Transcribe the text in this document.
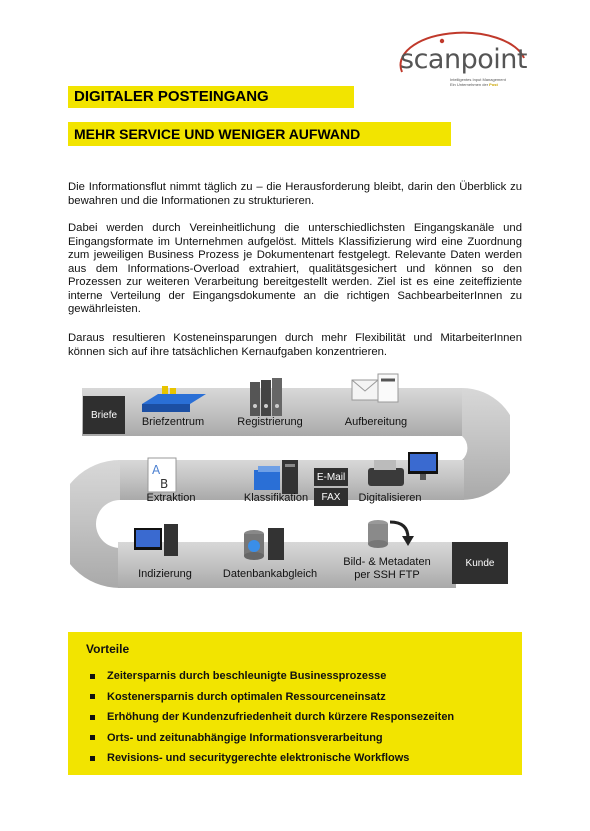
scanpoint
Intelligentes Input Management
Ein Unternehmen der Post
DIGITALER POSTEINGANG
MEHR SERVICE UND WENIGER AUFWAND

Die Informationsflut nimmt täglich zu – die Herausforderung bleibt, darin den Überblick zu bewahren und die Informationen zu strukturieren.

Dabei werden durch Vereinheitlichung die unterschiedlichsten Eingangskanäle und Eingangsformate im Unternehmen aufgelöst. Mittels Klassifizierung wird eine Zuordnung zum jeweiligen Business Prozess je Dokumentenart festgelegt. Relevante Daten werden aus dem Informations-Overload extrahiert, qualitätsgesichert und können so den Prozessen zur weiteren Verarbeitung bereitgestellt werden. Ziel ist es eine zeiteffiziente interne Verteilung der Eingangsdokumente an die richtigen SachbearbeiterInnen zu gewährleisten.

Daraus resultieren Kosteneinsparungen durch mehr Flexibilität und MitarbeiterInnen können sich auf ihre tatsächlichen Kernaufgaben konzentrieren.

Briefe
Kunde
E-Mail
FAX
A
B
Briefzentrum	Registrierung	Aufbereitung
Extraktion	Klassifikation	Digitalisieren
Indizierung	Datenbankabgleich
Bild- & Metadaten
per SSH FTP
Vorteile
Zeitersparnis durch beschleunigte Businessprozesse
Kostenersparnis durch optimalen Ressourceneinsatz
Erhöhung der Kundenzufriedenheit durch kürzere Responsezeiten
Orts- und zeitunabhängige Informationsverarbeitung
Revisions- und securitygerechte elektronische Workflows
